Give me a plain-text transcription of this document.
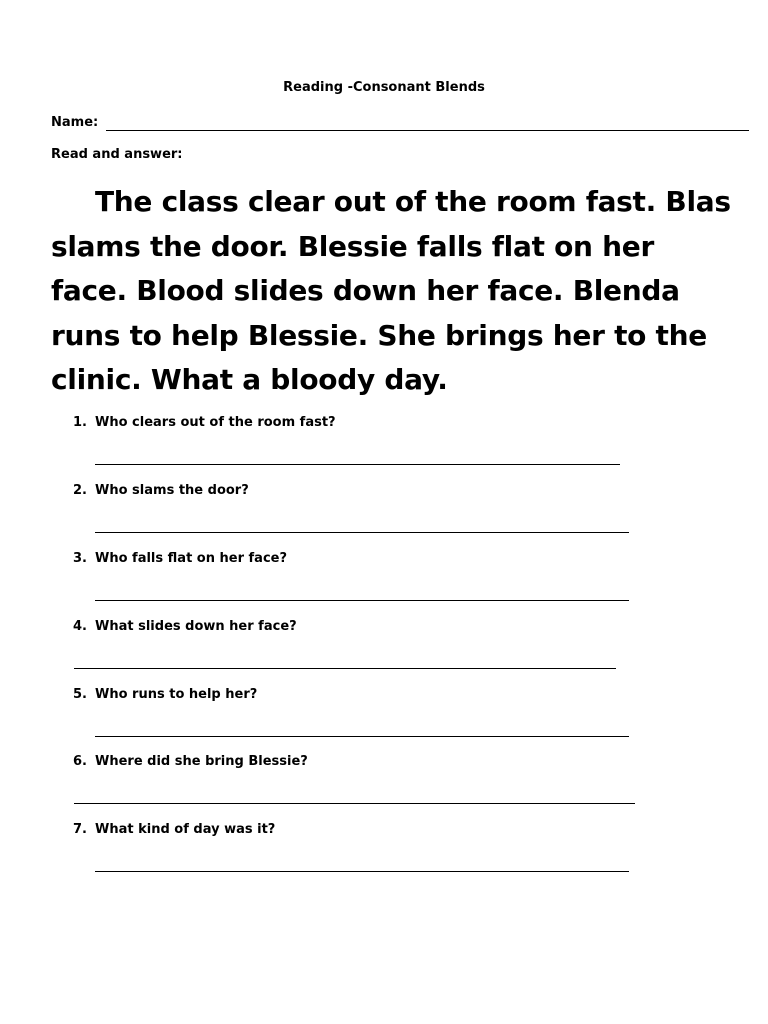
Reading -Consonant Blends
Name:
Read and answer:
The class clear out of the room fast. Blas
slams the door. Blessie falls flat on her
face. Blood slides down her face. Blenda
runs to help Blessie. She brings her to the
clinic. What a bloody day.
1. Who clears out of the room fast?
2. Who slams the door?
3. Who falls flat on her face?
4. What slides down her face?
5. Who runs to help her?
6. Where did she bring Blessie?
7. What kind of day was it?
